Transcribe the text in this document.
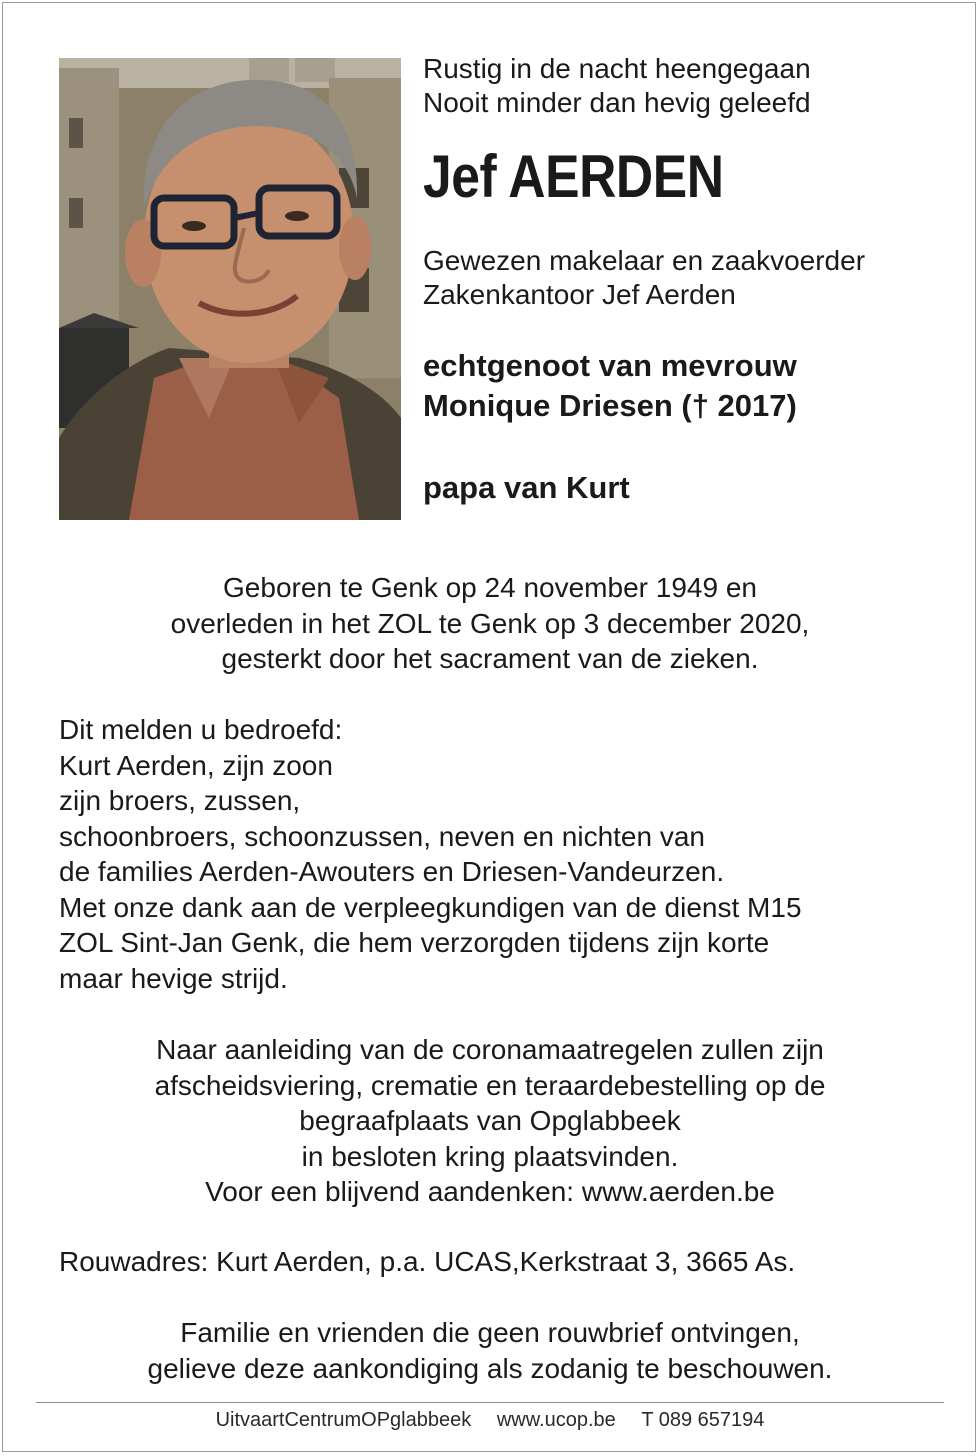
Rustig in de nacht heengegaan
Nooit minder dan hevig geleefd

Jef AERDEN

Gewezen makelaar en zaakvoerder
Zakenkantoor Jef Aerden

echtgenoot van mevrouw
Monique Driesen († 2017)

papa van Kurt

Geboren te Genk op 24 november 1949 en
overleden in het ZOL te Genk op 3 december 2020,
gesterkt door het sacrament van de zieken.
Dit melden u bedroefd:
Kurt Aerden, zijn zoon
zijn broers, zussen,
schoonbroers, schoonzussen, neven en nichten van
de families Aerden-Awouters en Driesen-Vandeurzen.
Met onze dank aan de verpleegkundigen van de dienst M15
ZOL Sint-Jan Genk, die hem verzorgden tijdens zijn korte
maar hevige strijd.
Naar aanleiding van de coronamaatregelen zullen zijn
afscheidsviering, crematie en teraardebestelling op de
begraafplaats van Opglabbeek
in besloten kring plaatsvinden.
Voor een blijvend aandenken: www.aerden.be
Rouwadres: Kurt Aerden, p.a. UCAS,Kerkstraat 3, 3665 As.
Familie en vrienden die geen rouwbrief ontvingen,
gelieve deze aankondiging als zodanig te beschouwen.
UitvaartCentrumOPglabbeek www.ucop.be T 089 657194
